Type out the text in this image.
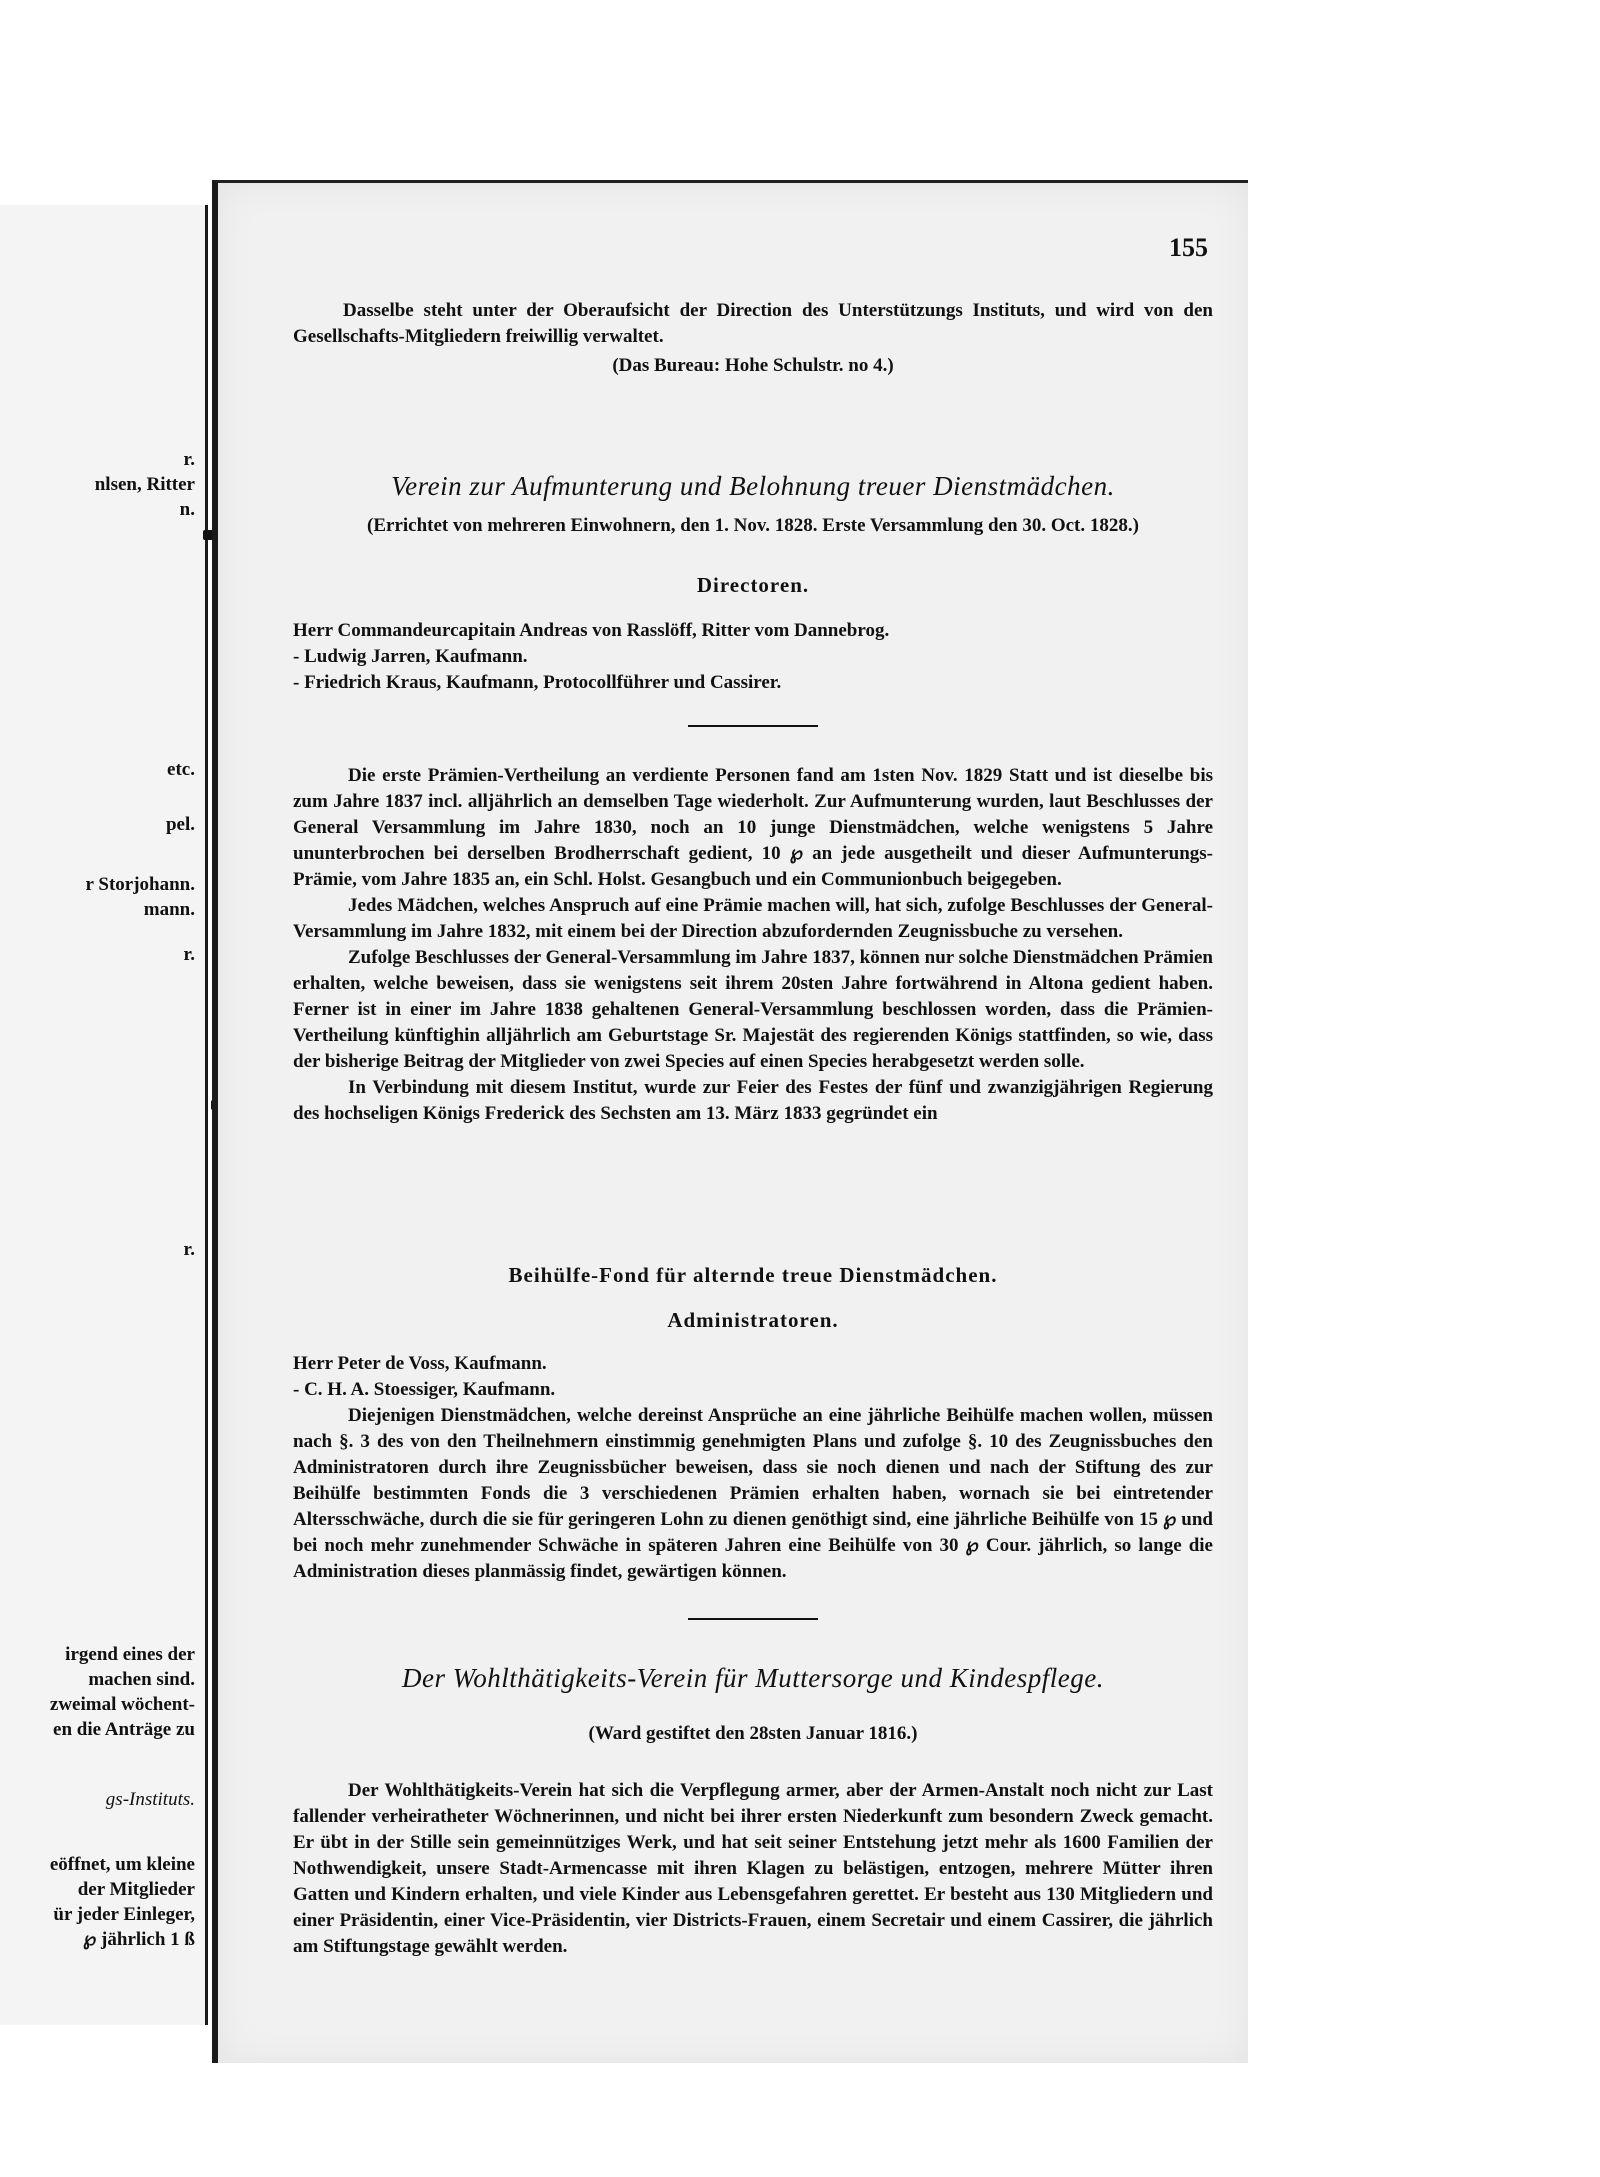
r.
nlsen, Ritter
n.
etc.
pel.
r Storjohann.
mann.
r.
r.
irgend eines der
machen sind.
zweimal wöchent-
en die Anträge zu
gs-Instituts.
eöffnet, um kleine
der Mitglieder
ür jeder Einleger,
℘ jährlich 1 ß
155

Dasselbe steht unter der Oberaufsicht der Direction des Unterstützungs Instituts, und wird von den Gesellschafts-Mitgliedern freiwillig verwaltet.

(Das Bureau: Hohe Schulstr. no 4.)
Verein zur Aufmunterung und Belohnung treuer Dienstmädchen.
(Errichtet von mehreren Einwohnern, den 1. Nov. 1828. Erste Versammlung den 30. Oct. 1828.)
Directoren.
Herr Commandeurcapitain Andreas von Rasslöff, Ritter vom Dannebrog.
- Ludwig Jarren, Kaufmann.
- Friedrich Kraus, Kaufmann, Protocollführer und Cassirer.

Die erste Prämien-Vertheilung an verdiente Personen fand am 1sten Nov. 1829 Statt und ist dieselbe bis zum Jahre 1837 incl. alljährlich an demselben Tage wiederholt. Zur Aufmunterung wurden, laut Beschlusses der General Versammlung im Jahre 1830, noch an 10 junge Dienstmädchen, welche wenigstens 5 Jahre ununterbrochen bei derselben Brodherrschaft gedient, 10 ℘ an jede ausgetheilt und dieser Aufmunterungs-Prämie, vom Jahre 1835 an, ein Schl. Holst. Gesangbuch und ein Communionbuch beigegeben.

Jedes Mädchen, welches Anspruch auf eine Prämie machen will, hat sich, zufolge Beschlusses der General-Versammlung im Jahre 1832, mit einem bei der Direction abzufordernden Zeugnissbuche zu versehen.

Zufolge Beschlusses der General-Versammlung im Jahre 1837, können nur solche Dienstmädchen Prämien erhalten, welche beweisen, dass sie wenigstens seit ihrem 20sten Jahre fortwährend in Altona gedient haben. Ferner ist in einer im Jahre 1838 gehaltenen General-Versammlung beschlossen worden, dass die Prämien-Vertheilung künftighin alljährlich am Geburtstage Sr. Majestät des regierenden Königs stattfinden, so wie, dass der bisherige Beitrag der Mitglieder von zwei Species auf einen Species herabgesetzt werden solle.

In Verbindung mit diesem Institut, wurde zur Feier des Festes der fünf und zwanzigjährigen Regierung des hochseligen Königs Frederick des Sechsten am 13. März 1833 gegründet ein

Beihülfe-Fond für alternde treue Dienstmädchen.
Administratoren.
Herr Peter de Voss, Kaufmann.
- C. H. A. Stoessiger, Kaufmann.

Diejenigen Dienstmädchen, welche dereinst Ansprüche an eine jährliche Beihülfe machen wollen, müssen nach §. 3 des von den Theilnehmern einstimmig genehmigten Plans und zufolge §. 10 des Zeugnissbuches den Administratoren durch ihre Zeugnissbücher beweisen, dass sie noch dienen und nach der Stiftung des zur Beihülfe bestimmten Fonds die 3 verschiedenen Prämien erhalten haben, wornach sie bei eintretender Altersschwäche, durch die sie für geringeren Lohn zu dienen genöthigt sind, eine jährliche Beihülfe von 15 ℘ und bei noch mehr zunehmender Schwäche in späteren Jahren eine Beihülfe von 30 ℘ Cour. jährlich, so lange die Administration dieses planmässig findet, gewärtigen können.

Der Wohlthätigkeits-Verein für Muttersorge und Kindespflege.
(Ward gestiftet den 28sten Januar 1816.)

Der Wohlthätigkeits-Verein hat sich die Verpflegung armer, aber der Armen-Anstalt noch nicht zur Last fallender verheiratheter Wöchnerinnen, und nicht bei ihrer ersten Niederkunft zum besondern Zweck gemacht. Er übt in der Stille sein gemeinnütziges Werk, und hat seit seiner Entstehung jetzt mehr als 1600 Familien der Nothwendigkeit, unsere Stadt-Armencasse mit ihren Klagen zu belästigen, entzogen, mehrere Mütter ihren Gatten und Kindern erhalten, und viele Kinder aus Lebensgefahren gerettet. Er besteht aus 130 Mitgliedern und einer Präsidentin, einer Vice-Präsidentin, vier Districts-Frauen, einem Secretair und einem Cassirer, die jährlich am Stiftungstage gewählt werden.
